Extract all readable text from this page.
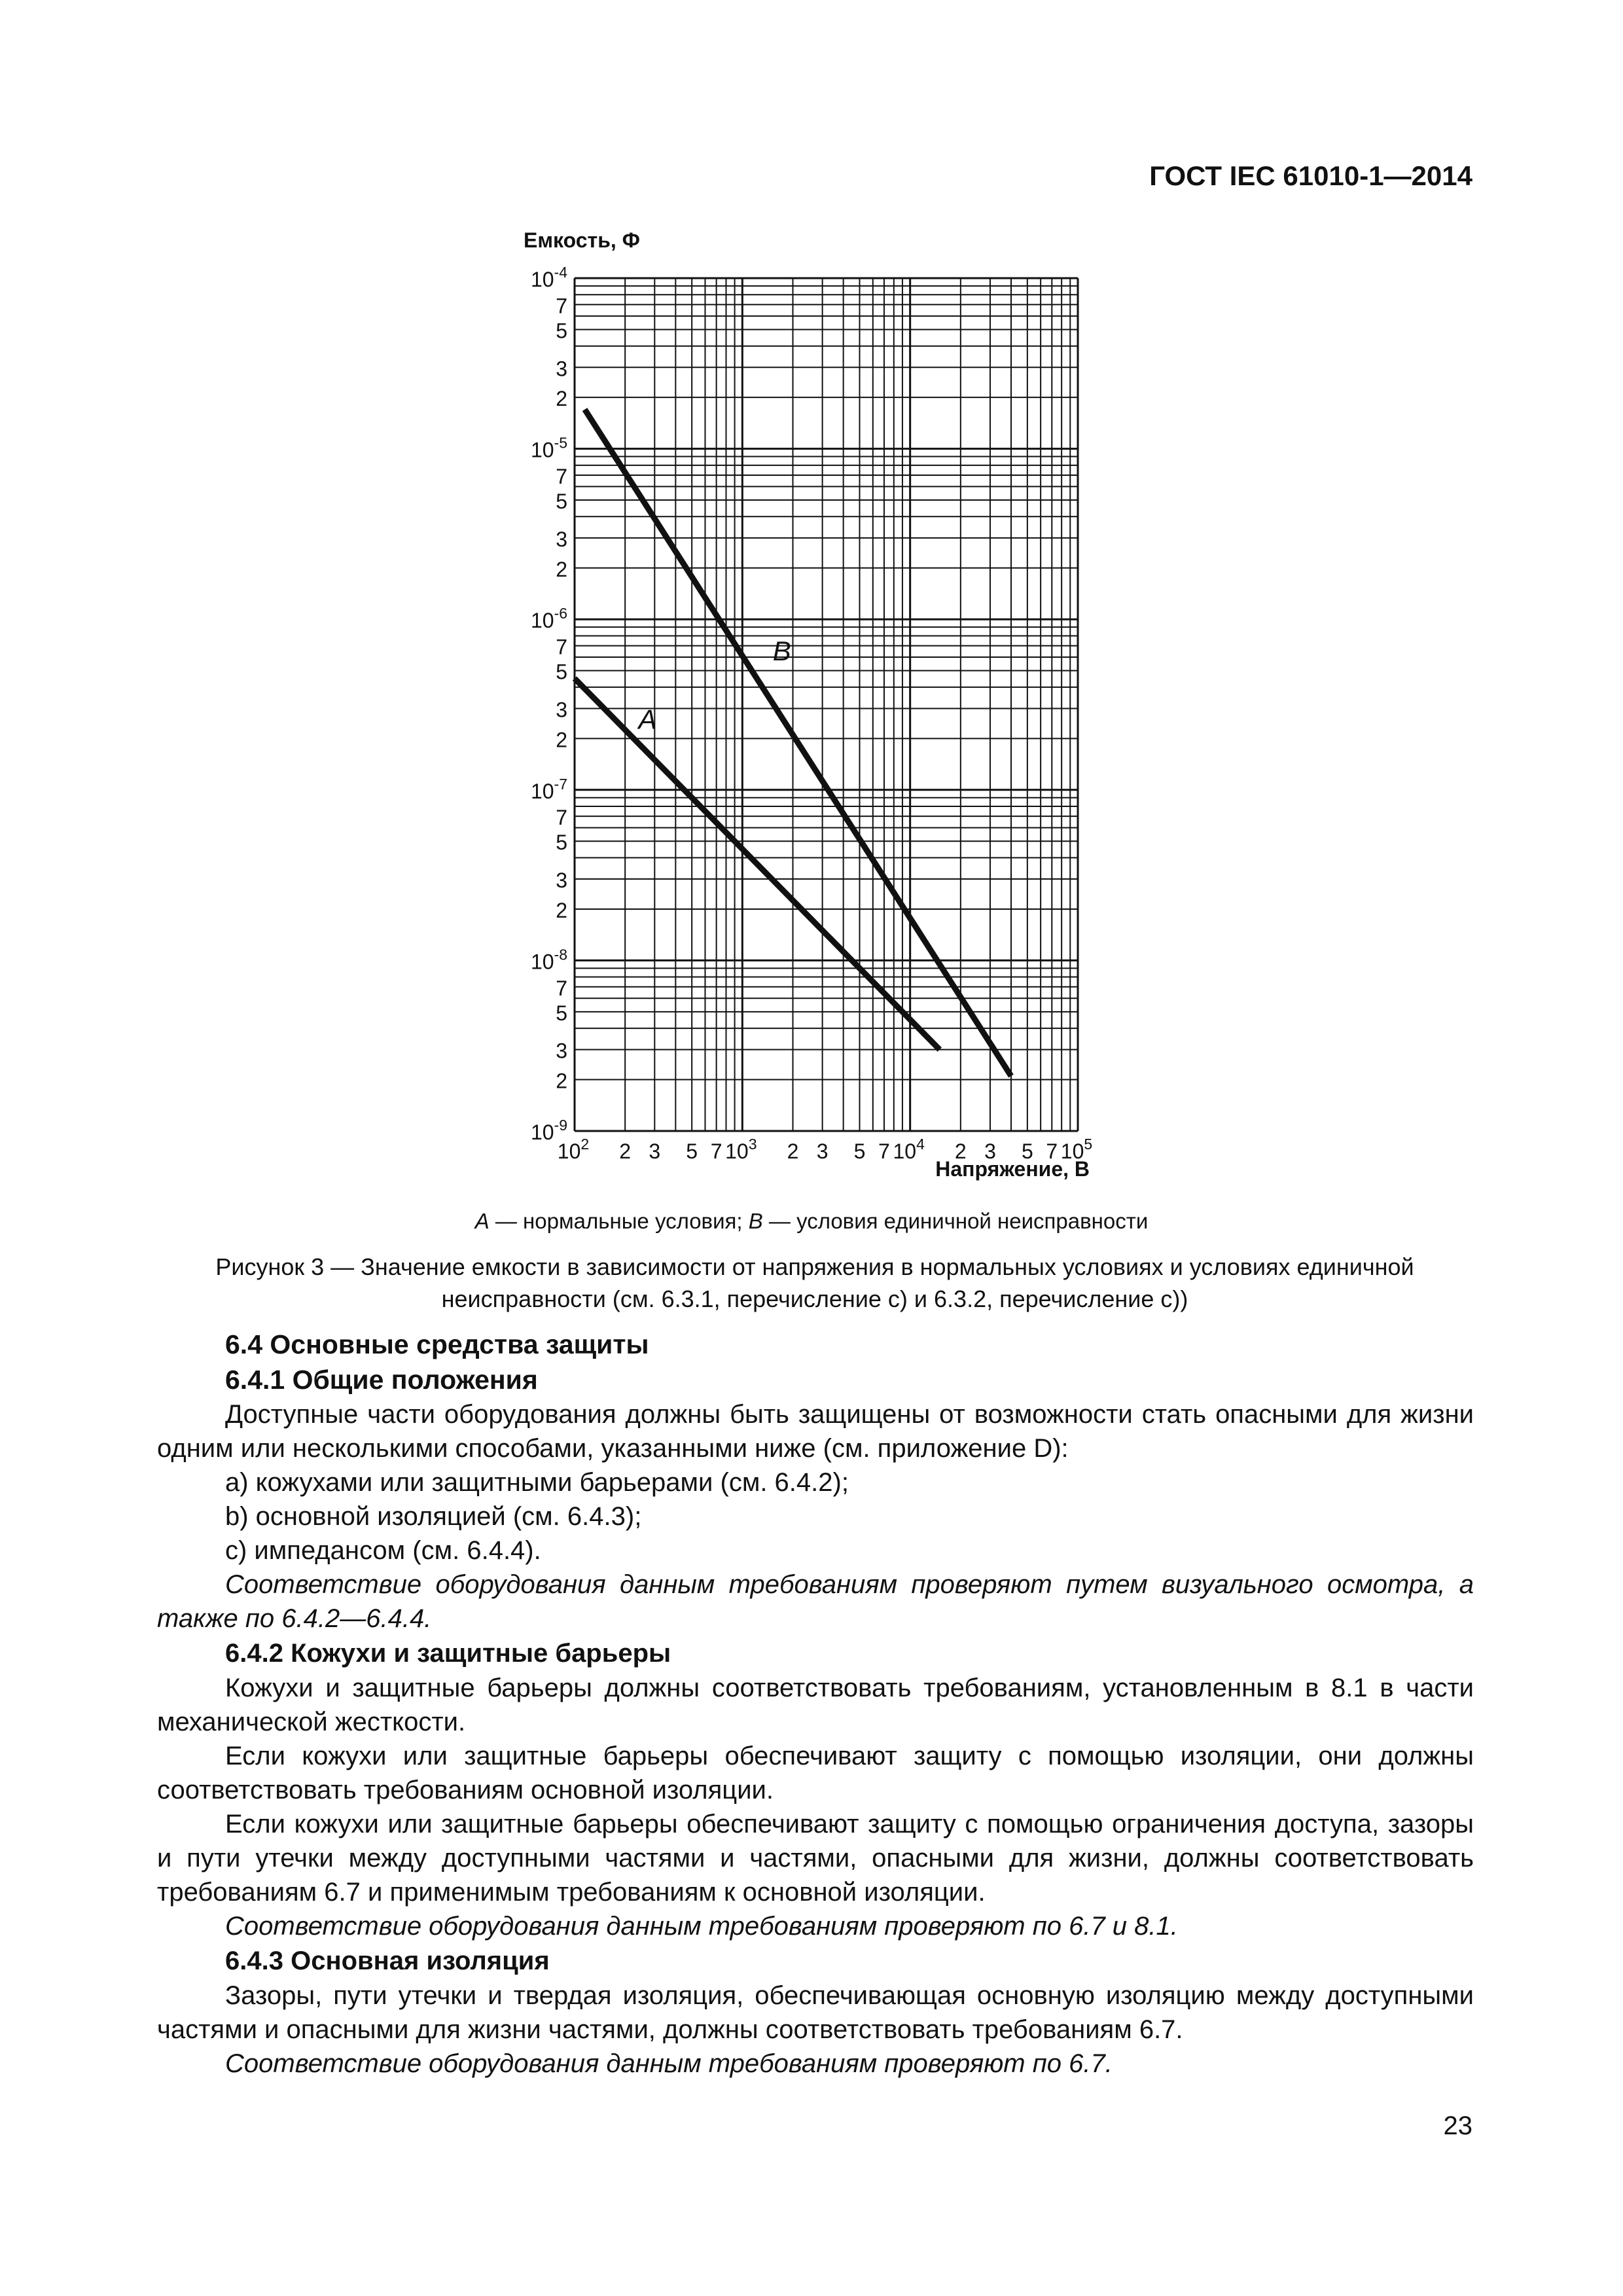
ГОСТ IEC 61010-1—2014
Емкость, Ф
$10^{-4}$
7
5
3
2
$10^{-5}$
7
5
3
2
$10^{-6}$
7
5
3
2
$10^{-7}$
7
5
3
2
$10^{-8}$
7
5
3
2
$10^{-9}$
$10^2$ 2 3 5 7 $10^3$ 2 3 5 7 $10^4$ 2 3 5 7 $10^5$
A
B
Напряжение, В
A — нормальные условия; B — условия единичной неисправности
Рисунок 3 — Значение емкости в зависимости от напряжения в нормальных условиях и условиях единичной неисправности (см. 6.3.1, перечисление с) и 6.3.2, перечисление с))
6.4 Основные средства защиты
6.4.1 Общие положения

Доступные части оборудования должны быть защищены от возможности стать опасными для жизни одним или несколькими способами, указанными ниже (см. приложение D):

a) кожухами или защитными барьерами (см. 6.4.2);

b) основной изоляцией (см. 6.4.3);

c) импедансом (см. 6.4.4).

Соответствие оборудования данным требованиям проверяют путем визуального осмотра, а также по 6.4.2—6.4.4.

6.4.2 Кожухи и защитные барьеры

Кожухи и защитные барьеры должны соответствовать требованиям, установленным в 8.1 в части механической жесткости.

Если кожухи или защитные барьеры обеспечивают защиту с помощью изоляции, они должны соответствовать требованиям основной изоляции.

Если кожухи или защитные барьеры обеспечивают защиту с помощью ограничения доступа, зазоры и пути утечки между доступными частями и частями, опасными для жизни, должны соответствовать требованиям 6.7 и применимым требованиям к основной изоляции.

Соответствие оборудования данным требованиям проверяют по 6.7 и 8.1.

6.4.3 Основная изоляция

Зазоры, пути утечки и твердая изоляция, обеспечивающая основную изоляцию между доступными частями и опасными для жизни частями, должны соответствовать требованиям 6.7.

Соответствие оборудования данным требованиям проверяют по 6.7.

23
